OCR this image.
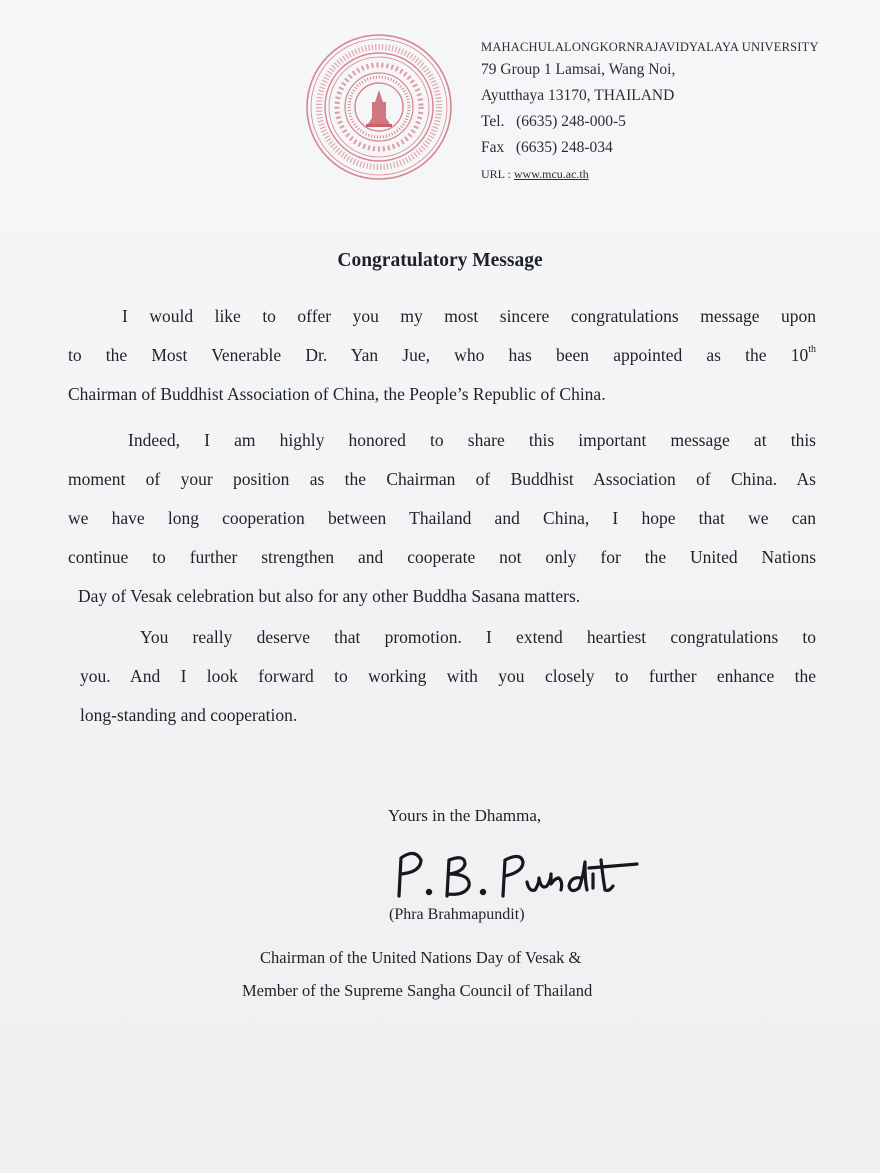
MAHACHULALONGKORNRAJAVIDYALAYA UNIVERSITY
79 Group 1 Lamsai, Wang Noi,
Ayutthaya 13170, THAILAND
Tel. (6635) 248-000-5
Fax (6635) 248-034
URL : www.mcu.ac.th
Congratulatory Message
I would like to offer you my most sincere congratulations message upon
to the Most Venerable Dr. Yan Jue, who has been appointed as the 10th
Chairman of Buddhist Association of China, the People’s Republic of China.
Indeed, I am highly honored to share this important message at this
moment of your position as the Chairman of Buddhist Association of China. As
we have long cooperation between Thailand and China, I hope that we can
continue to further strengthen and cooperate not only for the United Nations
Day of Vesak celebration but also for any other Buddha Sasana matters.
You really deserve that promotion. I extend heartiest congratulations to
you. And I look forward to working with you closely to further enhance the
long-standing and cooperation.
Yours in the Dhamma,
(Phra Brahmapundit)
Chairman of the United Nations Day of Vesak &
Member of the Supreme Sangha Council of Thailand
